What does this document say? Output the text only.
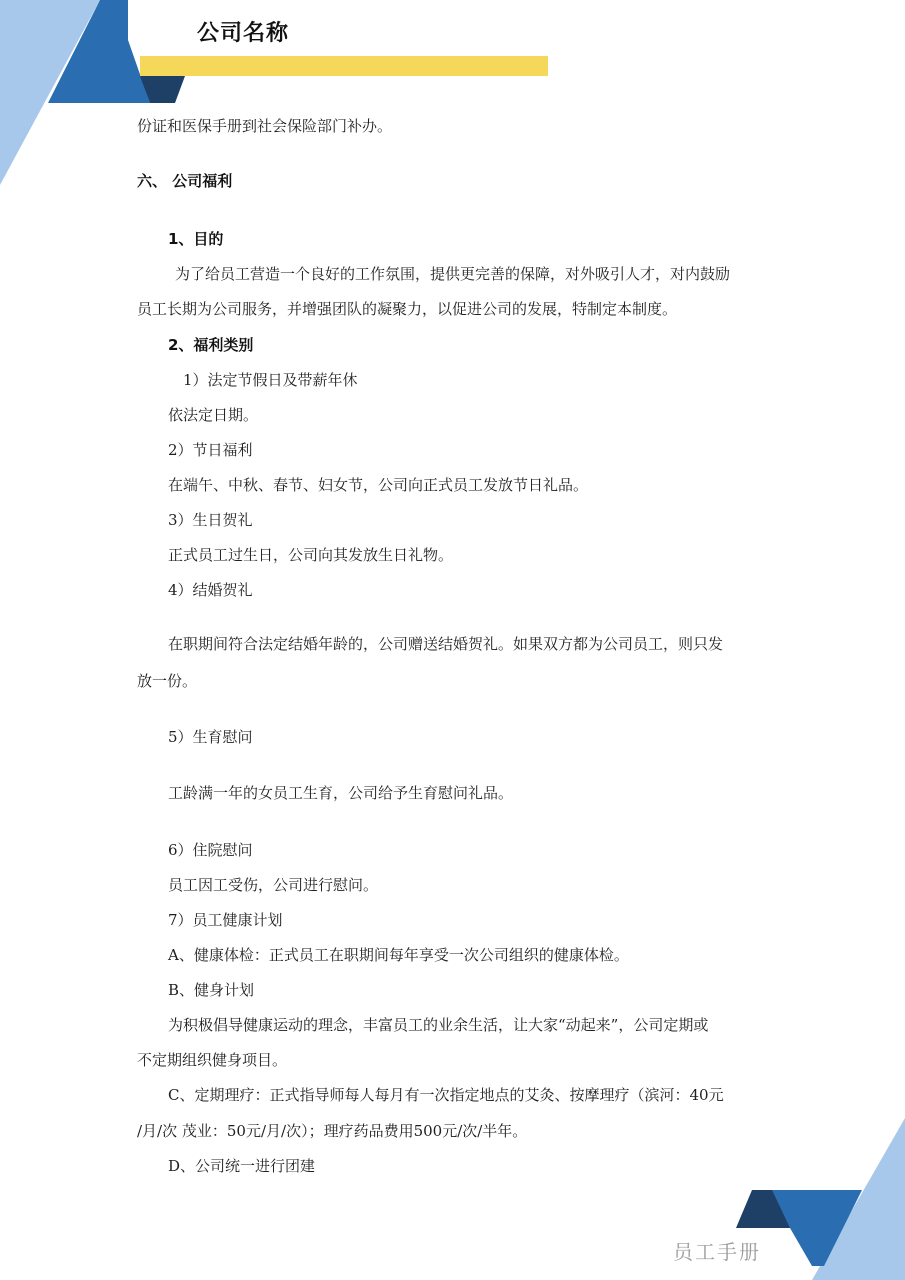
公司名称
份证和医保手册到社会保险部门补办。
六、 公司福利
1、目的
为了给员工营造一个良好的工作氛围，提供更完善的保障，对外吸引人才，对内鼓励
员工长期为公司服务，并增强团队的凝聚力，以促进公司的发展，特制定本制度。
2、福利类别
1）法定节假日及带薪年休
依法定日期。
2）节日福利
在端午、中秋、春节、妇女节，公司向正式员工发放节日礼品。
3）生日贺礼
正式员工过生日，公司向其发放生日礼物。
4）结婚贺礼
在职期间符合法定结婚年龄的，公司赠送结婚贺礼。如果双方都为公司员工，则只发
放一份。
5）生育慰问
工龄满一年的女员工生育，公司给予生育慰问礼品。
6）住院慰问
员工因工受伤，公司进行慰问。
7）员工健康计划
A、健康体检：正式员工在职期间每年享受一次公司组织的健康体检。
B、健身计划
为积极倡导健康运动的理念，丰富员工的业余生活，让大家“动起来”，公司定期或
不定期组织健身项目。
C、定期理疗：正式指导师每人每月有一次指定地点的艾灸、按摩理疗（滨河：40元
/月/次 茂业：50元/月/次）；理疗药品费用500元/次/半年。
D、公司统一进行团建
员工手册
